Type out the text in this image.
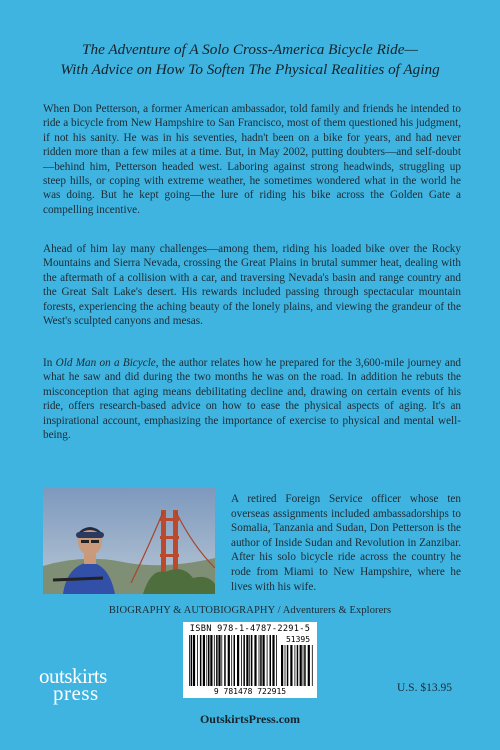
The Adventure of A Solo Cross-America Bicycle Ride—
With Advice on How To Soften The Physical Realities of Aging
When Don Petterson, a former American ambassador, told family and friends he intended to ride a bicycle from New Hampshire to San Francisco, most of them questioned his judgment, if not his sanity. He was in his seventies, hadn't been on a bike for years, and had never ridden more than a few miles at a time. But, in May 2002, putting doubters—and self-doubt—behind him, Petterson headed west. Laboring against strong headwinds, struggling up steep hills, or coping with extreme weather, he sometimes wondered what in the world he was doing. But he kept going—the lure of riding his bike across the Golden Gate a compelling incentive.
Ahead of him lay many challenges—among them, riding his loaded bike over the Rocky Mountains and Sierra Nevada, crossing the Great Plains in brutal summer heat, dealing with the aftermath of a collision with a car, and traversing Nevada's basin and range country and the Great Salt Lake's desert. His rewards included passing through spectacular mountain forests, experiencing the aching beauty of the lonely plains, and viewing the grandeur of the West's sculpted canyons and mesas.
In Old Man on a Bicycle, the author relates how he prepared for the 3,600-mile journey and what he saw and did during the two months he was on the road. In addition he rebuts the misconception that aging means debilitating decline and, drawing on certain events of his ride, offers research-based advice on how to ease the physical aspects of aging. It's an inspirational account, emphasizing the importance of exercise to physical and mental well-being.
A retired Foreign Service officer whose ten overseas assignments included ambassadorships to Somalia, Tanzania and Sudan, Don Petterson is the author of Inside Sudan and Revolution in Zanzibar. After his solo bicycle ride across the country he rode from Miami to New Hampshire, where he lives with his wife.
BIOGRAPHY & AUTOBIOGRAPHY / Adventurers & Explorers
ISBN 978-1-4787-2291-5
51395
9 781478 722915
outskirts
press	U.S. $13.95
OutskirtsPress.com
